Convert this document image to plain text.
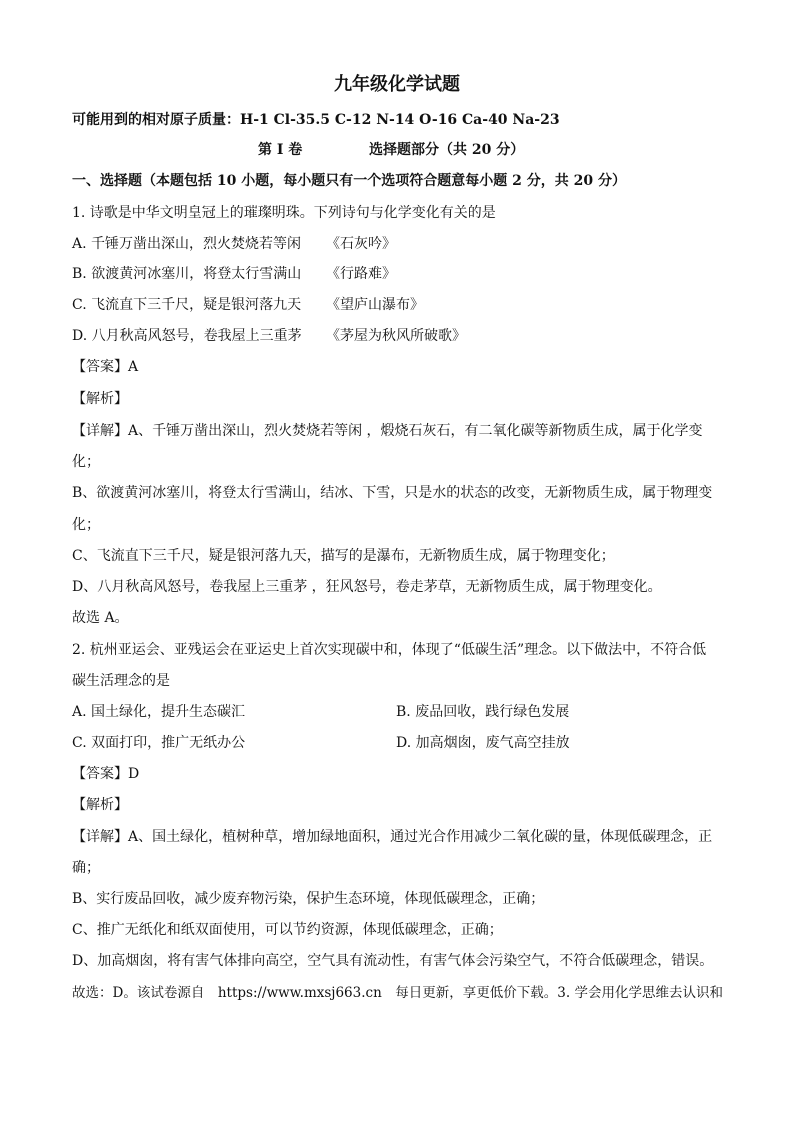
九年级化学试题
可能用到的相对原子质量：H-1 Cl-35.5 C-12 N-14 O-16 Ca-40 Na-23
第 I 卷	选择题部分（共 20 分）
一、选择题（本题包括 10 小题，每小题只有一个选项符合题意每小题 2 分，共 20 分）
1. 诗歌是中华文明皇冠上的璀璨明珠。下列诗句与化学变化有关的是
A. 千锤万凿出深山，烈火焚烧若等闲 《石灰吟》
B. 欲渡黄河冰塞川，将登太行雪满山 《行路难》
C. 飞流直下三千尺，疑是银河落九天 《望庐山瀑布》
D. 八月秋高风怒号，卷我屋上三重茅 《茅屋为秋风所破歌》
【答案】A
【解析】
【详解】A、千锤万凿出深山，烈火焚烧若等闲 ，煅烧石灰石，有二氧化碳等新物质生成，属于化学变
化；
B、欲渡黄河冰塞川，将登太行雪满山，结冰、下雪，只是水的状态的改变，无新物质生成，属于物理变
化；
C、飞流直下三千尺，疑是银河落九天，描写的是瀑布，无新物质生成，属于物理变化；
D、八月秋高风怒号，卷我屋上三重茅 ，狂风怒号，卷走茅草，无新物质生成，属于物理变化。
故选 A。
2. 杭州亚运会、亚残运会在亚运史上首次实现碳中和，体现了“低碳生活”理念。以下做法中，不符合低
碳生活理念的是
A. 国土绿化，提升生态碳汇	B. 废品回收，践行绿色发展
C. 双面打印，推广无纸办公	D. 加高烟囱，废气高空挂放
【答案】D
【解析】
【详解】A、国土绿化，植树种草，增加绿地面积，通过光合作用减少二氧化碳的量，体现低碳理念，正
确；
B、实行废品回收，减少废弃物污染，保护生态环境，体现低碳理念，正确；
C、推广无纸化和纸双面使用，可以节约资源，体现低碳理念，正确；
D、加高烟囱，将有害气体排向高空，空气具有流动性，有害气体会污染空气，不符合低碳理念，错误。
故选：D。该试卷源自　https://www.mxsj663.cn　每日更新，享更低价下载。3. 学会用化学思维去认识和
